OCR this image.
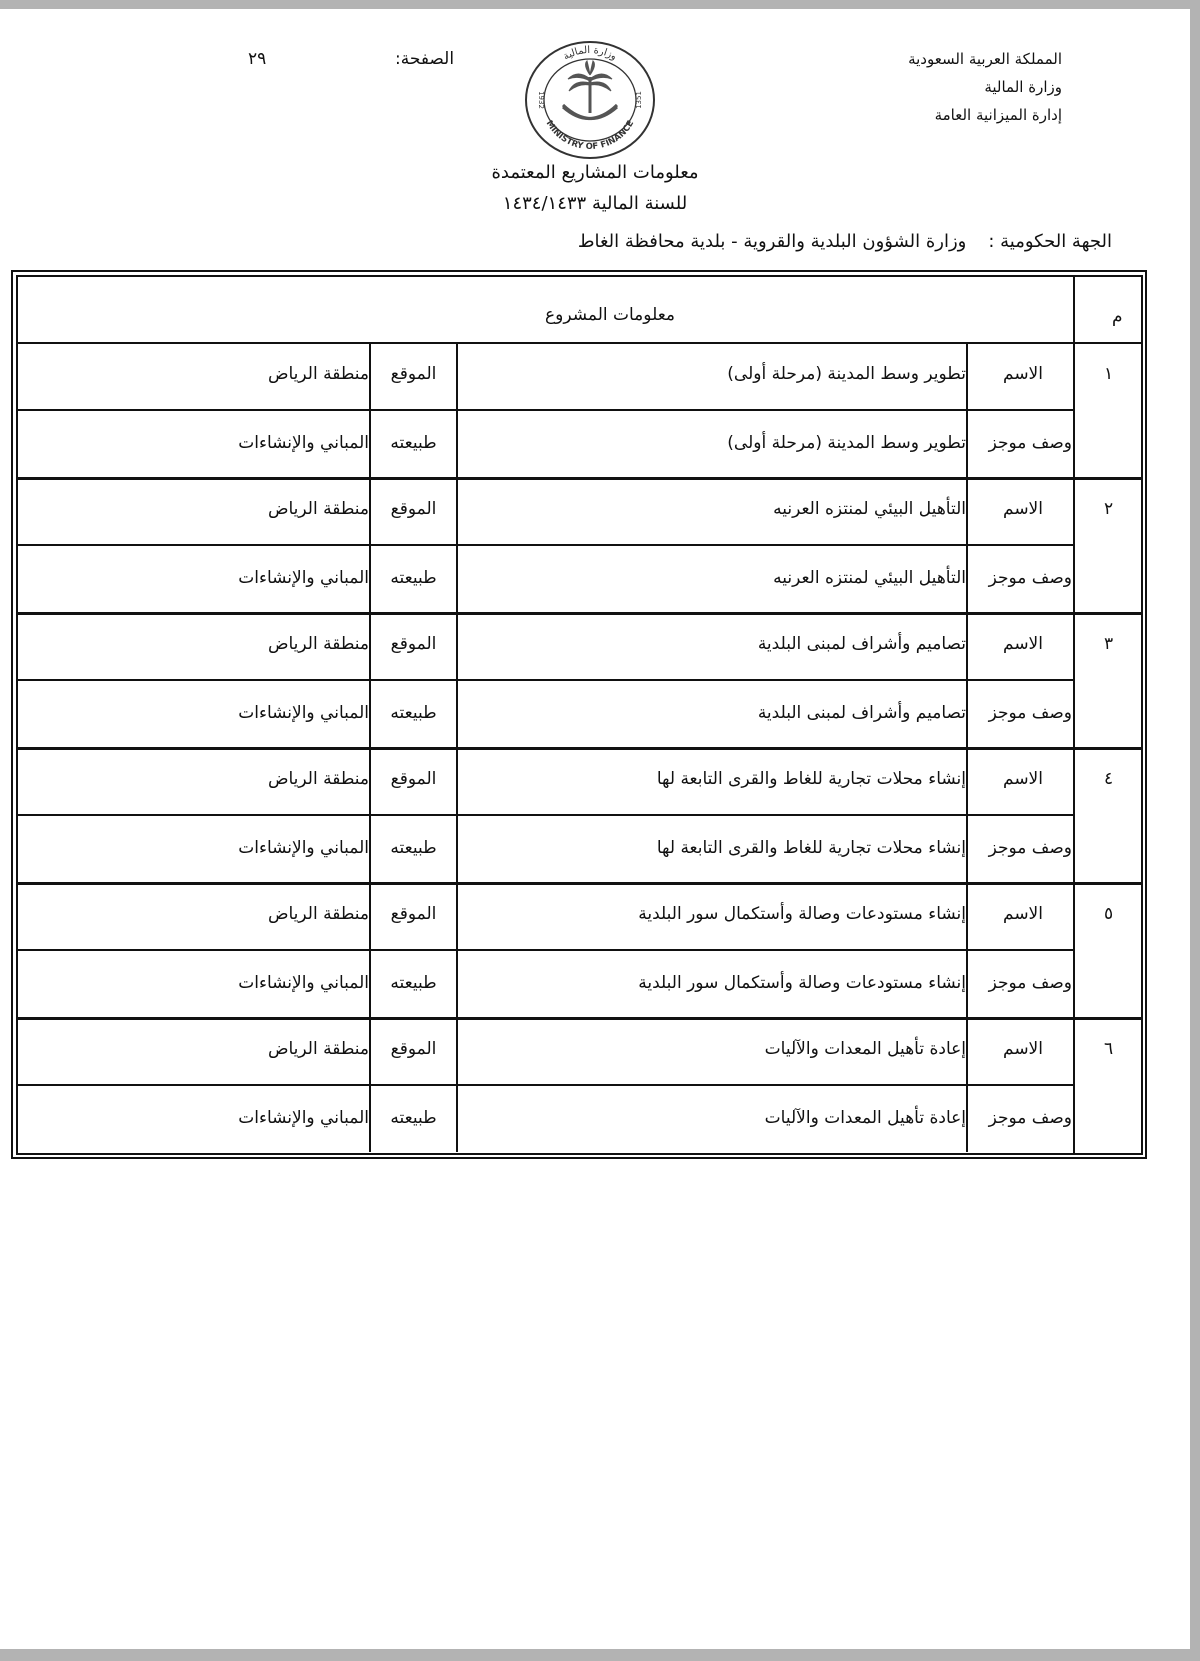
المملكة العربية السعودية
وزارة المالية
إدارة الميزانية العامة
الصفحة:
٢٩	وزارة المالية
MINISTRY OF FINANCE
1932	1351
معلومات المشاريع المعتمدة
للسنة المالية ١٤٣٤/١٤٣٣
الجهة الحكومية :وزارة الشؤون البلدية والقروية - بلدية محافظة الغاط
م
معلومات المشروع
١
الاسم
تطوير وسط المدينة (مرحلة أولى)
الموقع
منطقة الرياض
وصف موجز
تطوير وسط المدينة (مرحلة أولى)
طبيعته
المباني والإنشاءات
٢
الاسم
التأهيل البيئي لمنتزه العرنيه
الموقع
منطقة الرياض
وصف موجز
التأهيل البيئي لمنتزه العرنيه
طبيعته
المباني والإنشاءات
٣
الاسم
تصاميم وأشراف لمبنى البلدية
الموقع
منطقة الرياض
وصف موجز
تصاميم وأشراف لمبنى البلدية
طبيعته
المباني والإنشاءات
٤
الاسم
إنشاء محلات تجارية للغاط والقرى التابعة لها
الموقع
منطقة الرياض
وصف موجز
إنشاء محلات تجارية للغاط والقرى التابعة لها
طبيعته
المباني والإنشاءات
٥
الاسم
إنشاء مستودعات وصالة وأستكمال سور البلدية
الموقع
منطقة الرياض
وصف موجز
إنشاء مستودعات وصالة وأستكمال سور البلدية
طبيعته
المباني والإنشاءات
٦
الاسم
إعادة تأهيل المعدات والآليات
الموقع
منطقة الرياض
وصف موجز
إعادة تأهيل المعدات والآليات
طبيعته
المباني والإنشاءات
